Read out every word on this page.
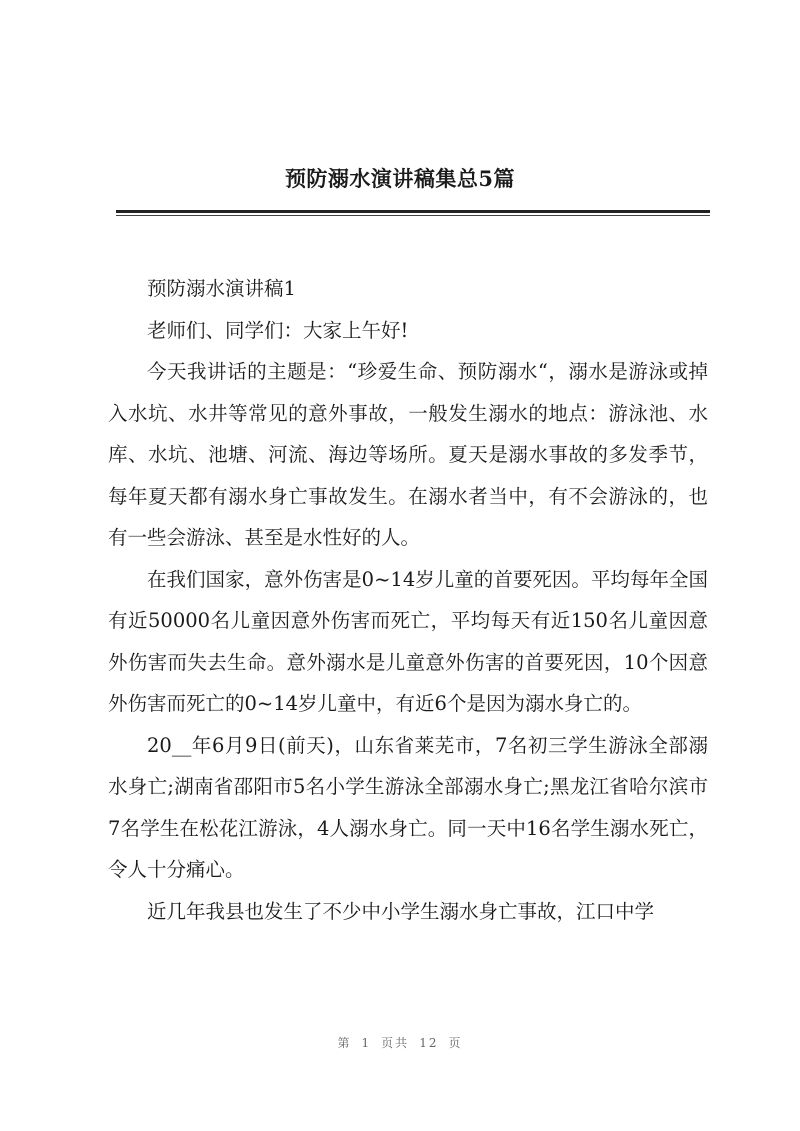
预防溺水演讲稿集总5篇

预防溺水演讲稿1

老师们、同学们：大家上午好!

今天我讲话的主题是：“珍爱生命、预防溺水“，溺水是游泳或掉入水坑、水井等常见的意外事故，一般发生溺水的地点：游泳池、水库、水坑、池塘、河流、海边等场所。夏天是溺水事故的多发季节，每年夏天都有溺水身亡事故发生。在溺水者当中，有不会游泳的，也有一些会游泳、甚至是水性好的人。

在我们国家，意外伤害是0~14岁儿童的首要死因。平均每年全国有近50000名儿童因意外伤害而死亡，平均每天有近150名儿童因意外伤害而失去生命。意外溺水是儿童意外伤害的首要死因，10个因意外伤害而死亡的0~14岁儿童中，有近6个是因为溺水身亡的。

20__年6月9日(前天)，山东省莱芜市，7名初三学生游泳全部溺水身亡;湖南省邵阳市5名小学生游泳全部溺水身亡;黑龙江省哈尔滨市7名学生在松花江游泳，4人溺水身亡。同一天中16名学生溺水死亡，令人十分痛心。

近几年我县也发生了不少中小学生溺水身亡事故，江口中学

第 1 页共 12 页
